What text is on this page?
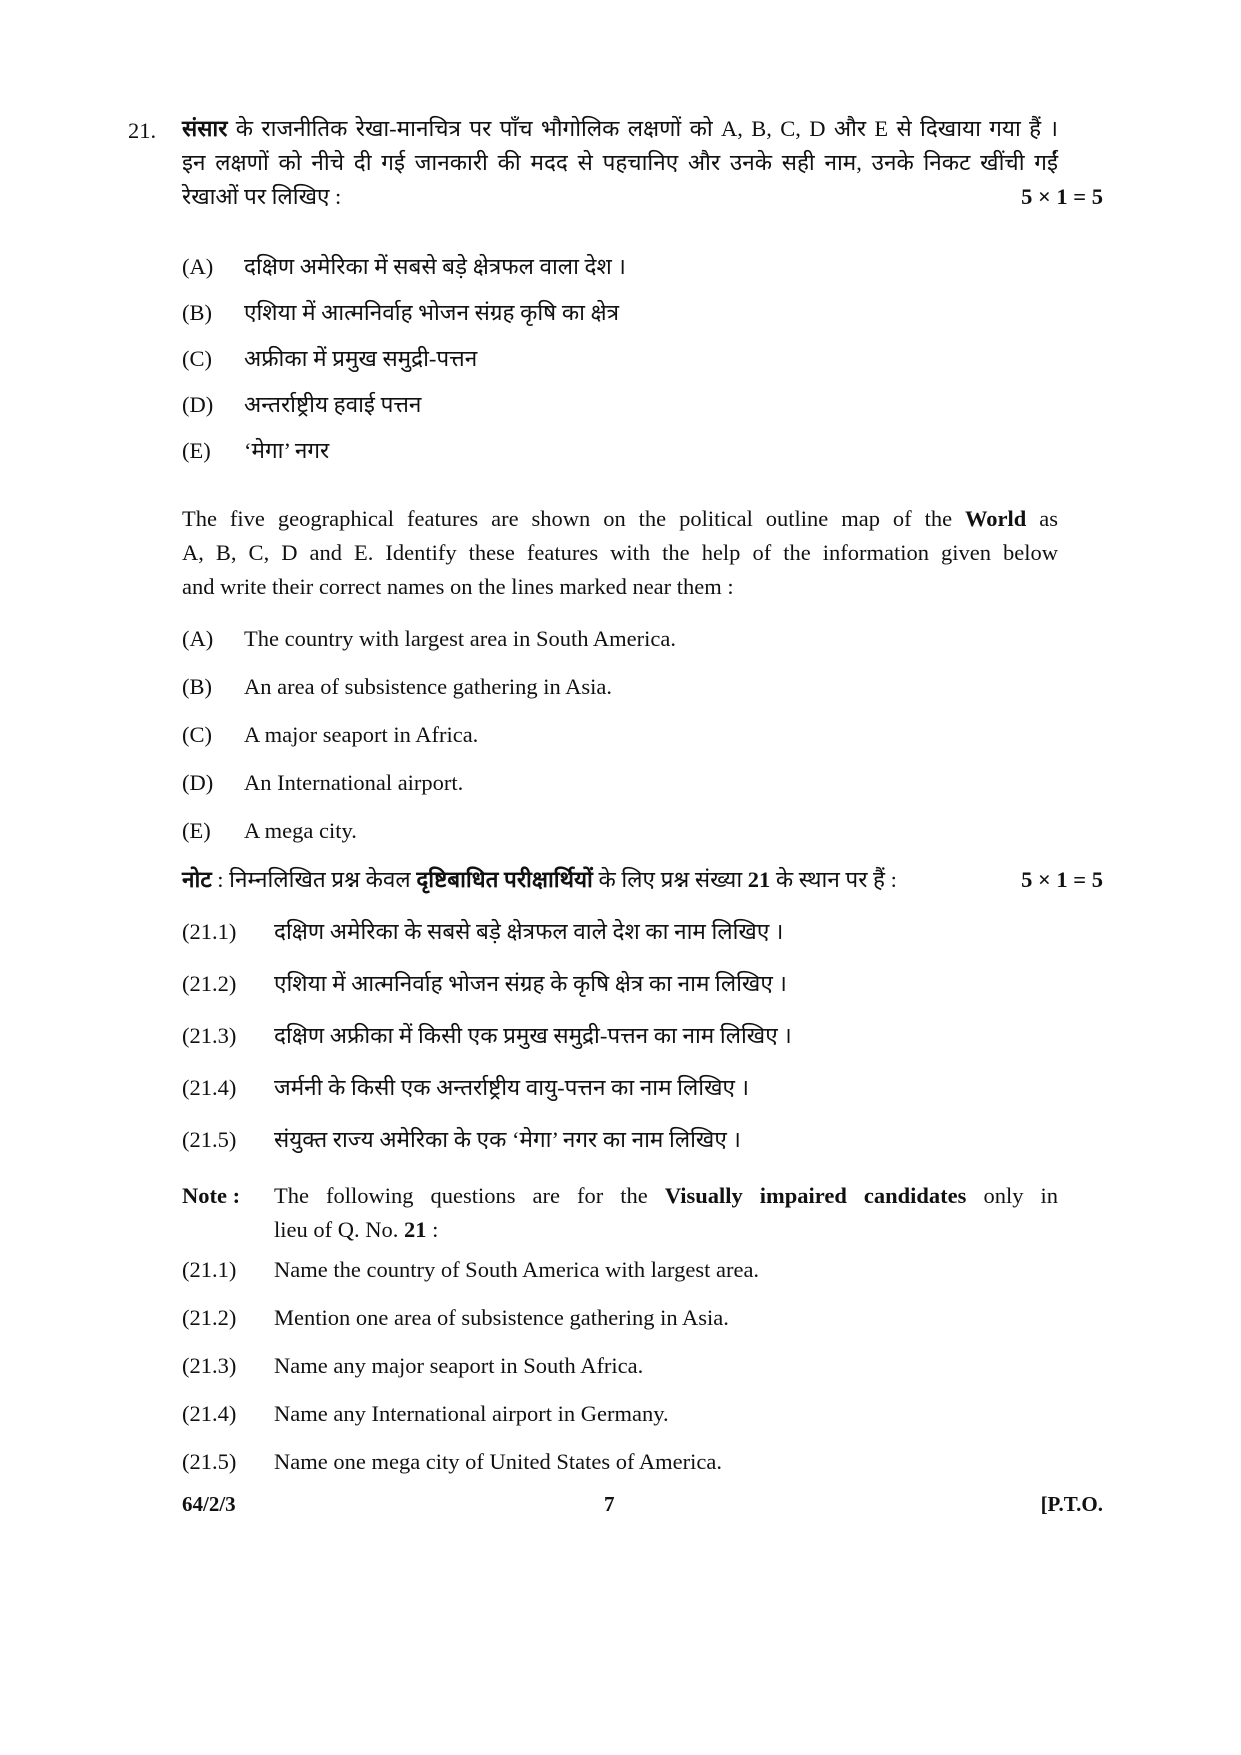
21. संसार के राजनीतिक रेखा-मानचित्र पर पाँच भौगोलिक लक्षणों को A, B, C, D और E से दिखाया गया हैं ।
इन लक्षणों को नीचे दी गई जानकारी की मदद से पहचानिए और उनके सही नाम, उनके निकट खींची गईं
रेखाओं पर लिखिए :	5 × 1 = 5
(A) दक्षिण अमेरिका में सबसे बड़े क्षेत्रफल वाला देश ।
(B) एशिया में आत्मनिर्वाह भोजन संग्रह कृषि का क्षेत्र
(C) अफ्रीका में प्रमुख समुद्री-पत्तन
(D) अन्तर्राष्ट्रीय हवाई पत्तन
(E) ‘मेगा’ नगर
The five geographical features are shown on the political outline map of the World as
A, B, C, D and E. Identify these features with the help of the information given below
and write their correct names on the lines marked near them :
(A) The country with largest area in South America.
(B) An area of subsistence gathering in Asia.
(C) A major seaport in Africa.
(D) An International airport.
(E) A mega city.
नोट : निम्नलिखित प्रश्न केवल दृष्टिबाधित परीक्षार्थियों के लिए प्रश्न संख्या 21 के स्थान पर हैं :	5 × 1 = 5
(21.1) दक्षिण अमेरिका के सबसे बड़े क्षेत्रफल वाले देश का नाम लिखिए ।
(21.2) एशिया में आत्मनिर्वाह भोजन संग्रह के कृषि क्षेत्र का नाम लिखिए ।
(21.3) दक्षिण अफ्रीका में किसी एक प्रमुख समुद्री-पत्तन का नाम लिखिए ।
(21.4) जर्मनी के किसी एक अन्तर्राष्ट्रीय वायु-पत्तन का नाम लिखिए ।
(21.5) संयुक्त राज्य अमेरिका के एक ‘मेगा’ नगर का नाम लिखिए ।
Note : The following questions are for the Visually impaired candidates only in
lieu of Q. No. 21 :
(21.1) Name the country of South America with largest area.
(21.2) Mention one area of subsistence gathering in Asia.
(21.3) Name any major seaport in South Africa.
(21.4) Name any International airport in Germany.
(21.5) Name one mega city of United States of America.
64/2/3	7	[P.T.O.
